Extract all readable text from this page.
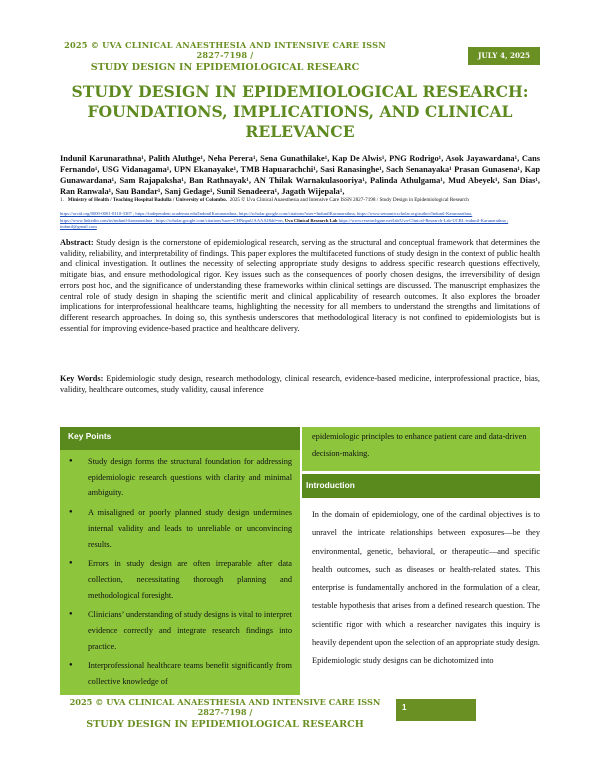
2025 © UVA CLINICAL ANAESTHESIA AND INTENSIVE CARE ISSN 2827-7198 /
STUDY DESIGN IN EPIDEMIOLOGICAL RESEARC
JULY 4, 2025
STUDY DESIGN IN EPIDEMIOLOGICAL RESEARCH: FOUNDATIONS, IMPLICATIONS, AND CLINICAL RELEVANCE
Indunil Karunarathna¹, Palith Aluthge¹, Neha Perera¹, Sena Gunathilake¹, Kap De Alwis¹, PNG Rodrigo¹, Asok Jayawardana¹, Cans Fernando¹, USG Vidanagama¹, UPN Ekanayake¹, TMB Hapuarachchi¹, Sasi Ranasinghe¹, Sach Senanayaka¹ Prasan Gunasena¹, Kap Gunawardana¹, Sam Rajapaksha¹, Ban Rathnayak¹, AN Thilak Warnakulasooriya¹, Palinda Athulgama¹, Mud Abeyek¹, San Dias¹, Ran Ranwala¹, Sau Bandar¹, Sanj Gedage¹, Sunil Senadeera¹, Jagath Wijepala¹,
1. Ministry of Health / Teaching Hospital Badulla / University of Colombo. 2025 © Uva Clinical Anaesthesia and Intensive Care ISSN 2827-7198 / Study Design in Epidemiological Research
https://orcid.org/0000-0001-8110-3307 ; https://independent.academia.edu/IndunilKarunarathna, https://scholar.google.com/citations?user=IndunilKarunarathna, https://www.semanticscholar.org/author/Indunil-Karunarathna, https://www.linkedin.com/in/indunil-karunarathna ; https://scholar.google.com/citations?user=CHNnpuUAAAAJ&hl=en, Uva Clinical Research Lab https://www.researchgate.net/lab/Uva-Clinical-Research-Lab-UCRL-indunil-Karunarathna ; indunil@gmail.com

Abstract: Study design is the cornerstone of epidemiological research, serving as the structural and conceptual framework that determines the validity, reliability, and interpretability of findings. This paper explores the multifaceted functions of study design in the context of public health and clinical investigation. It outlines the necessity of selecting appropriate study designs to address specific research questions effectively, mitigate bias, and ensure methodological rigor. Key issues such as the consequences of poorly chosen designs, the irreversibility of design errors post hoc, and the significance of understanding these frameworks within clinical settings are discussed. The manuscript emphasizes the central role of study design in shaping the scientific merit and clinical applicability of research outcomes. It also explores the broader implications for interprofessional healthcare teams, highlighting the necessity for all members to understand the strengths and limitations of different research approaches. In doing so, this synthesis underscores that methodological literacy is not confined to epidemiologists but is essential for improving evidence-based practice and healthcare delivery.

Key Words: Epidemiologic study design, research methodology, clinical research, evidence-based medicine, interprofessional practice, bias, validity, healthcare outcomes, study validity, causal inference

Key Points
● Study design forms the structural foundation for addressing epidemiologic research questions with clarity and minimal ambiguity.
● A misaligned or poorly planned study design undermines internal validity and leads to unreliable or unconvincing results.
● Errors in study design are often irreparable after data collection, necessitating thorough planning and methodological foresight.
● Clinicians’ understanding of study designs is vital to interpret evidence correctly and integrate research findings into practice.
● Interprofessional healthcare teams benefit significantly from collective knowledge of
epidemiologic principles to enhance patient care and data-driven decision-making.
Introduction

In the domain of epidemiology, one of the cardinal objectives is to unravel the intricate relationships between exposures—be they environmental, genetic, behavioral, or therapeutic—and specific health outcomes, such as diseases or health-related states. This enterprise is fundamentally anchored in the formulation of a clear, testable hypothesis that arises from a defined research question. The scientific rigor with which a researcher navigates this inquiry is heavily dependent upon the selection of an appropriate study design. Epidemiologic study designs can be dichotomized into

2025 © UVA CLINICAL ANAESTHESIA AND INTENSIVE CARE ISSN 2827-7198 /
STUDY DESIGN IN EPIDEMIOLOGICAL RESEARCH
1
